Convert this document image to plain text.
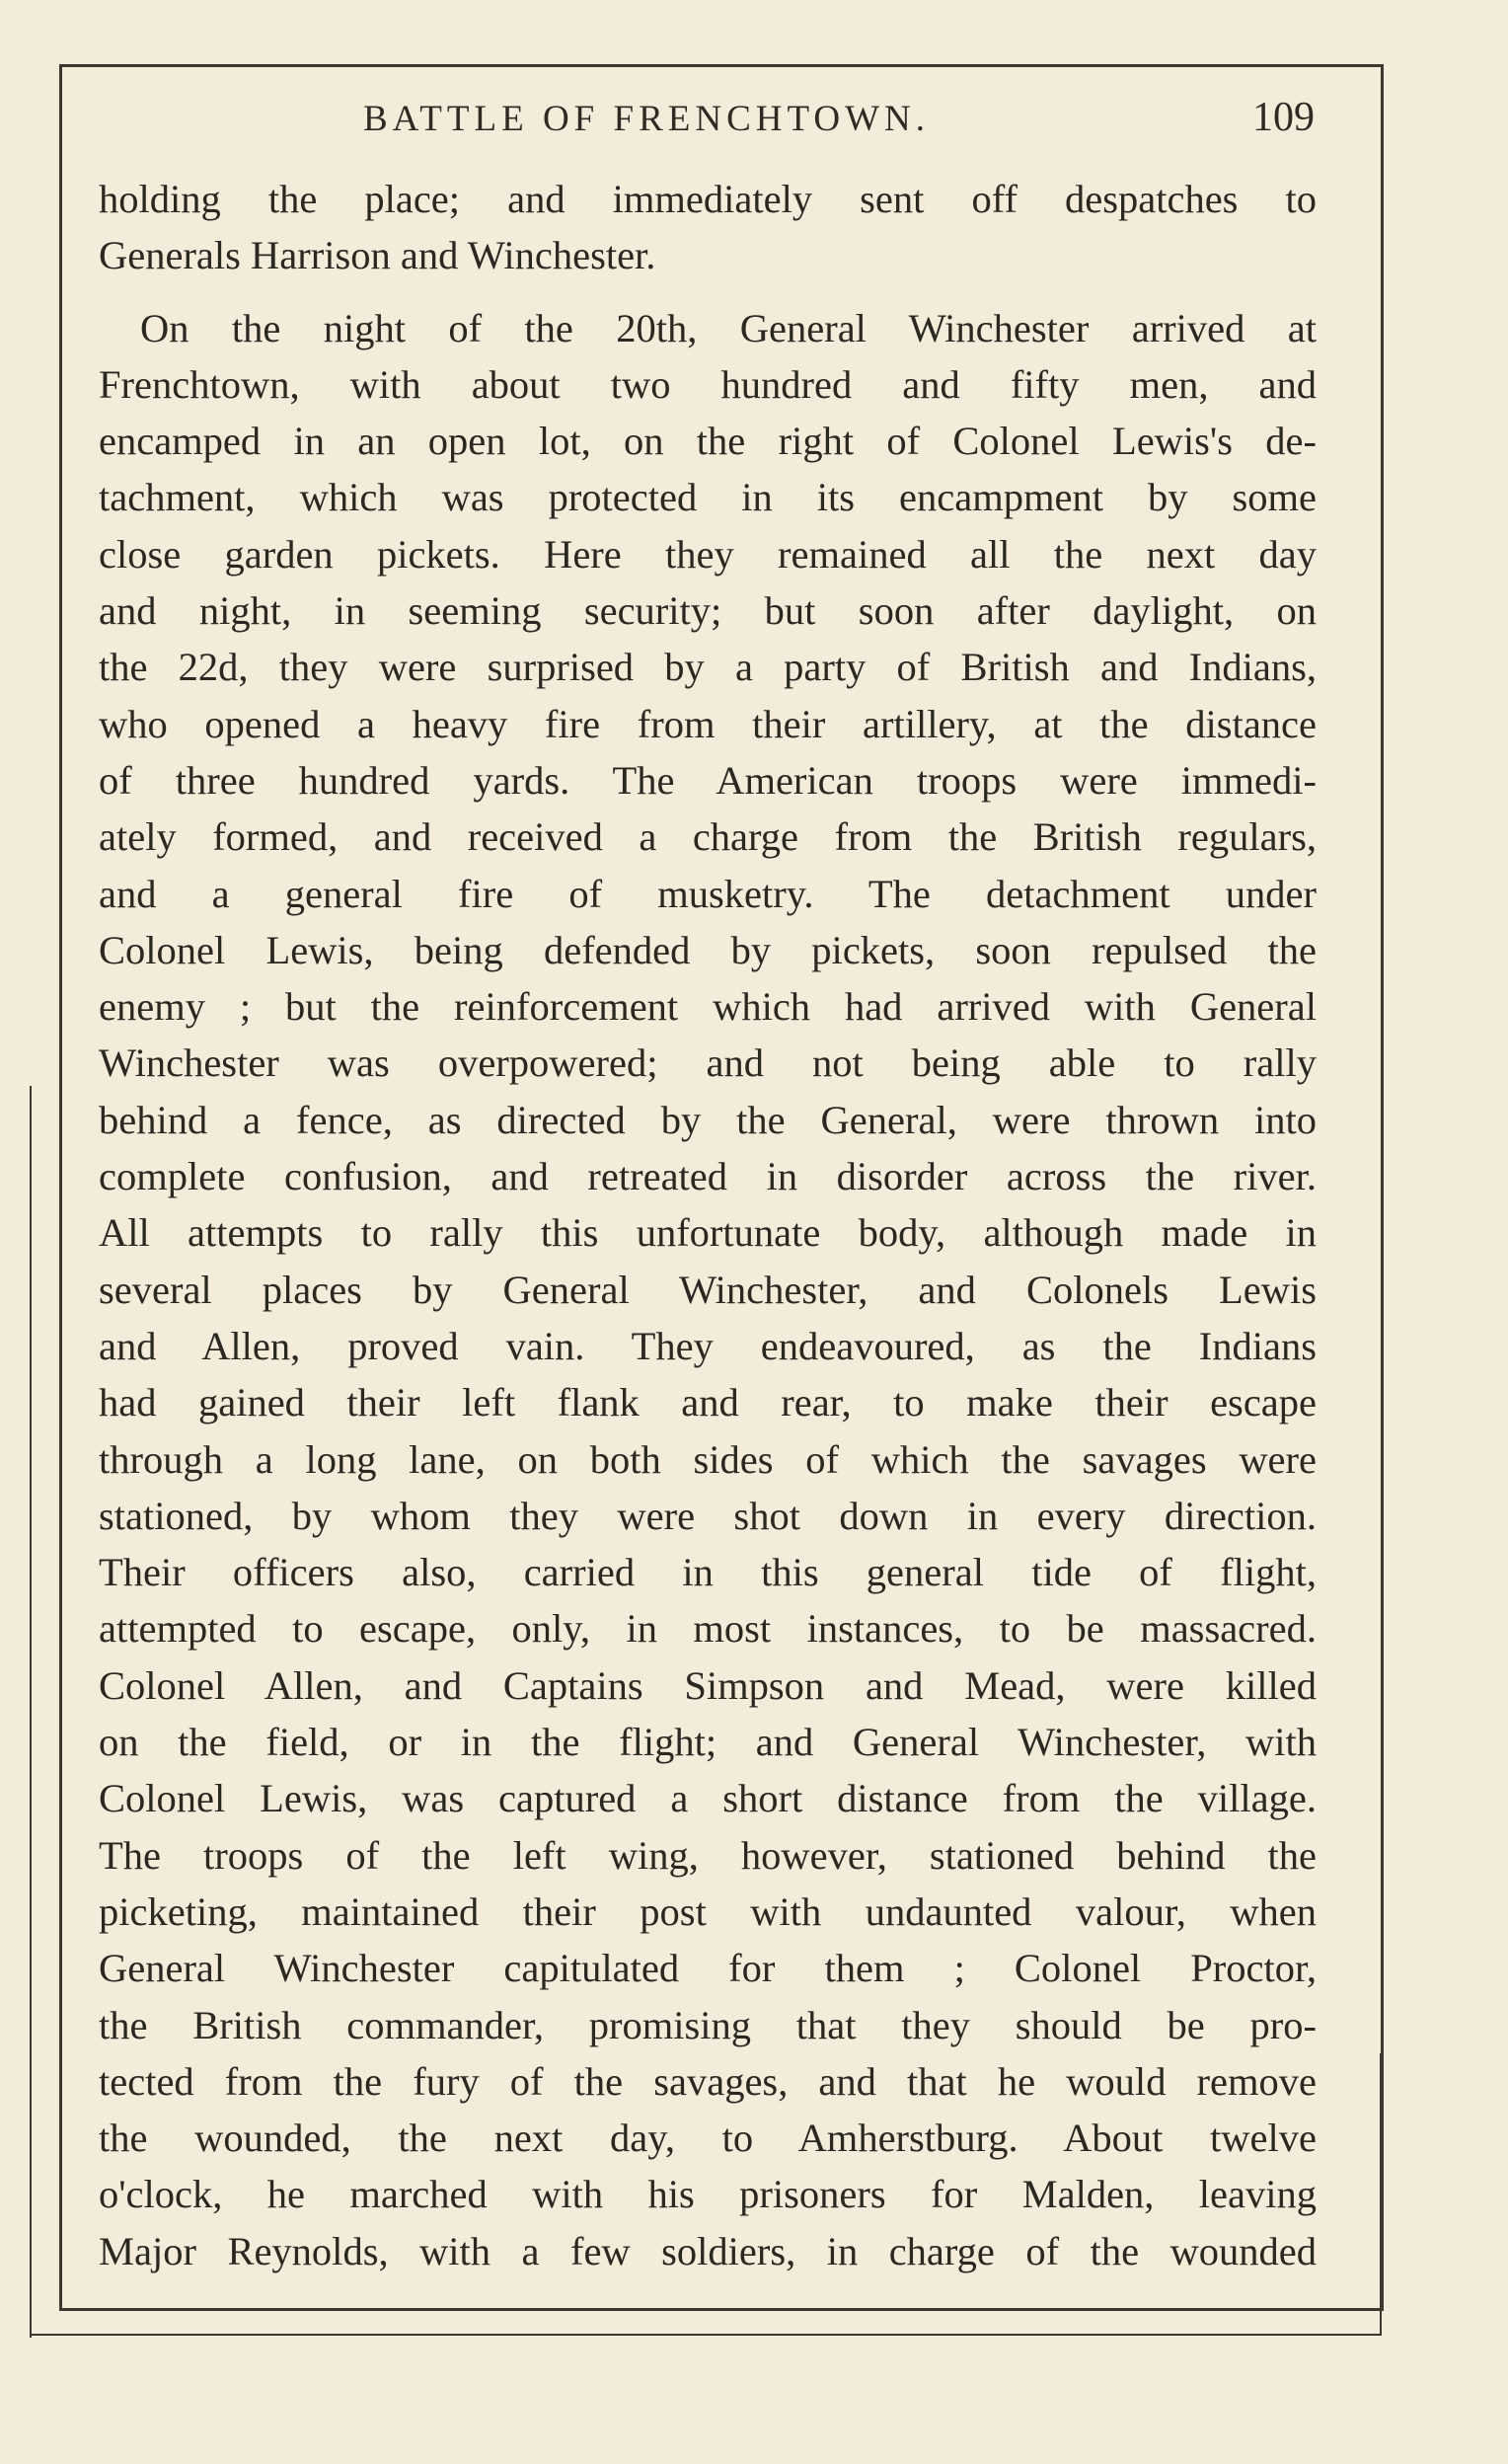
BATTLE OF FRENCHTOWN.	109
holding the place; and immediately sent off despatches to
Generals Harrison and Winchester.
On the night of the 20th, General Winchester arrived at
Frenchtown, with about two hundred and fifty men, and
encamped in an open lot, on the right of Colonel Lewis's de-
tachment, which was protected in its encampment by some
close garden pickets. Here they remained all the next day
and night, in seeming security; but soon after daylight, on
the 22d, they were surprised by a party of British and Indians,
who opened a heavy fire from their artillery, at the distance
of three hundred yards. The American troops were immedi-
ately formed, and received a charge from the British regulars,
and a general fire of musketry. The detachment under
Colonel Lewis, being defended by pickets, soon repulsed the
enemy ; but the reinforcement which had arrived with General
Winchester was overpowered; and not being able to rally
behind a fence, as directed by the General, were thrown into
complete confusion, and retreated in disorder across the river.
All attempts to rally this unfortunate body, although made in
several places by General Winchester, and Colonels Lewis
and Allen, proved vain. They endeavoured, as the Indians
had gained their left flank and rear, to make their escape
through a long lane, on both sides of which the savages were
stationed, by whom they were shot down in every direction.
Their officers also, carried in this general tide of flight,
attempted to escape, only, in most instances, to be massacred.
Colonel Allen, and Captains Simpson and Mead, were killed
on the field, or in the flight; and General Winchester, with
Colonel Lewis, was captured a short distance from the village.
The troops of the left wing, however, stationed behind the
picketing, maintained their post with undaunted valour, when
General Winchester capitulated for them ; Colonel Proctor,
the British commander, promising that they should be pro-
tected from the fury of the savages, and that he would remove
the wounded, the next day, to Amherstburg. About twelve
o'clock, he marched with his prisoners for Malden, leaving
Major Reynolds, with a few soldiers, in charge of the wounded
